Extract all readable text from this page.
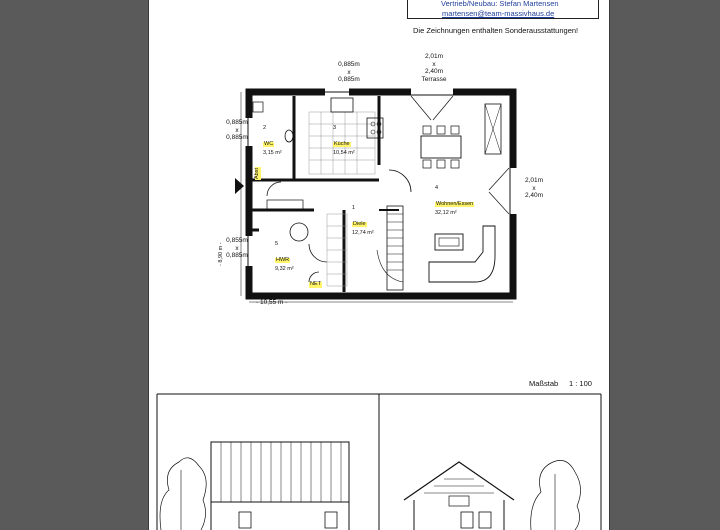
Vertrieb/Neubau: Stefan Martensen
martensen@team-massivhaus.de
Die Zeichnungen enthalten Sonderausstattungen!
0,885m
x
0,885m
2,01m
x
2,40m
Terrasse
0,885m
x
0,885m
0,855m
x
0,885m
2,01m
x
2,40m
- 10,55 m -
- 8,90 m -
2
WC
3,15 m²
3
Küche
10,54 m²
1
Diele
12,74 m²
4
Wohnen/Essen
32,12 m²
5
HWR
9,32 m²
Abst
NET
Maßstab 1 : 100
